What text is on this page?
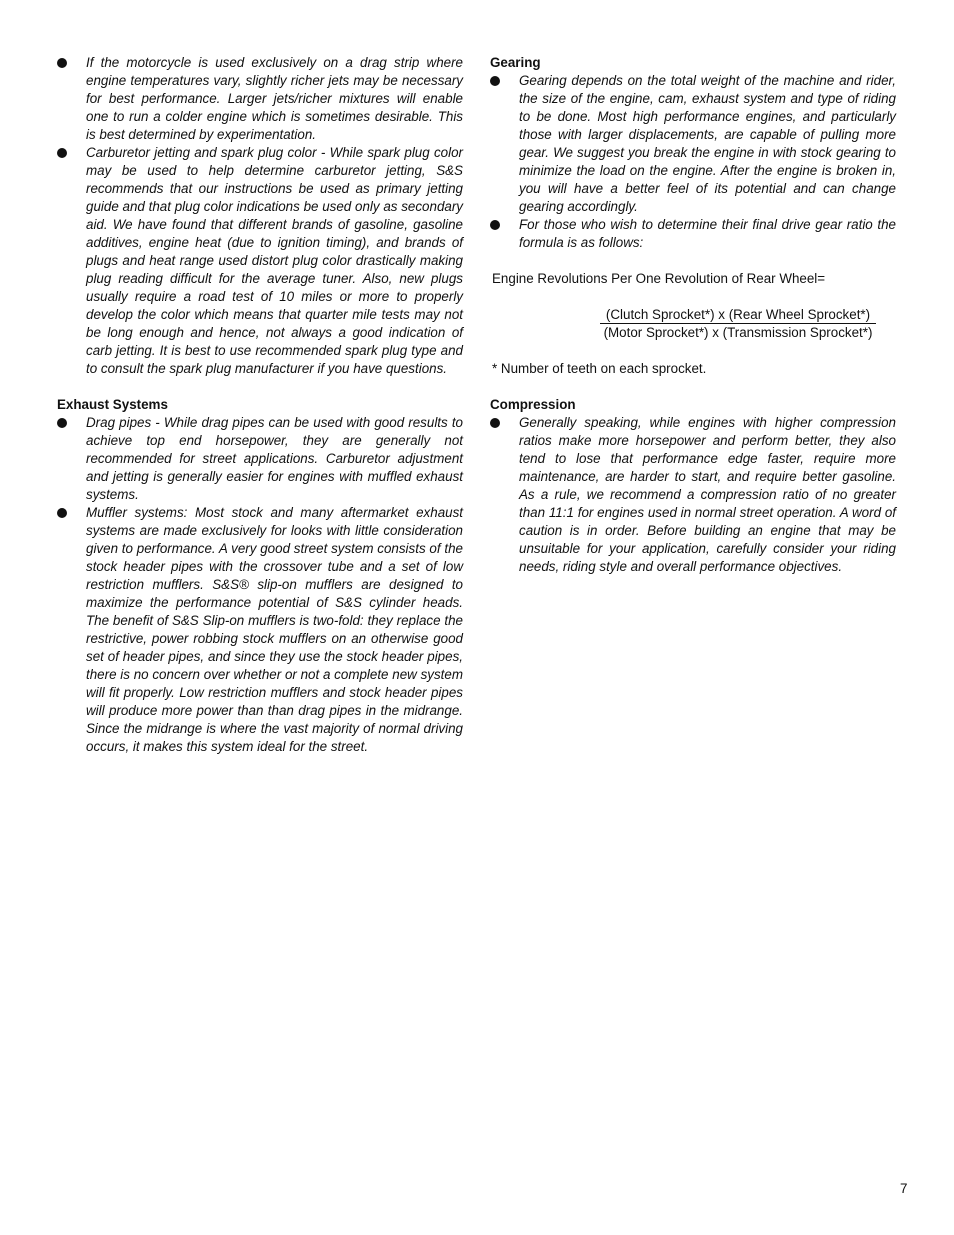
If the motorcycle is used exclusively on a drag strip where engine temperatures vary, slightly richer jets may be necessary for best performance. Larger jets/richer mixtures will enable one to run a colder engine which is sometimes desirable. This is best determined by experimentation.
Carburetor jetting and spark plug color - While spark plug color may be used to help determine carburetor jetting, S&S recommends that our instructions be used as primary jetting guide and that plug color indications be used only as secondary aid. We have found that different brands of gasoline, gasoline additives, engine heat (due to ignition timing), and brands of plugs and heat range used distort plug color drastically making plug reading difficult for the average tuner. Also, new plugs usually require a road test of 10 miles or more to properly develop the color which means that quarter mile tests may not be long enough and hence, not always a good indication of carb jetting. It is best to use recommended spark plug type and to consult the spark plug manufacturer if you have questions.
Exhaust Systems
Drag pipes - While drag pipes can be used with good results to achieve top end horsepower, they are generally not recommended for street applications. Carburetor adjustment and jetting is generally easier for engines with muffled exhaust systems.
Muffler systems: Most stock and many aftermarket exhaust systems are made exclusively for looks with little consideration given to performance. A very good street system consists of the stock header pipes with the crossover tube and a set of low restriction mufflers. S&S® slip-on mufflers are designed to maximize the performance potential of S&S cylinder heads. The benefit of S&S Slip-on mufflers is two-fold: they replace the restrictive, power robbing stock mufflers on an otherwise good set of header pipes, and since they use the stock header pipes, there is no concern over whether or not a complete new system will fit properly. Low restriction mufflers and stock header pipes will produce more power than than drag pipes in the midrange. Since the midrange is where the vast majority of normal driving occurs, it makes this system ideal for the street.
Gearing
Gearing depends on the total weight of the machine and rider, the size of the engine, cam, exhaust system and type of riding to be done. Most high performance engines, and particularly those with larger displacements, are capable of pulling more gear. We suggest you break the engine in with stock gearing to minimize the load on the engine. After the engine is broken in, you will have a better feel of its potential and can change gearing accordingly.
For those who wish to determine their final drive gear ratio the formula is as follows:

Engine Revolutions Per One Revolution of Rear Wheel=

$\frac{\text{(Clutch Sprocket*) x (Rear Wheel Sprocket*)}}{\text{(Motor Sprocket*) x (Transmission Sprocket*)}}$

* Number of teeth on each sprocket.

Compression
Generally speaking, while engines with higher compression ratios make more horsepower and perform better, they also tend to lose that performance edge faster, require more maintenance, are harder to start, and require better gasoline. As a rule, we recommend a compression ratio of no greater than 11:1 for engines used in normal street operation. A word of caution is in order. Before building an engine that may be unsuitable for your application, carefully consider your riding needs, riding style and overall performance objectives.
7
